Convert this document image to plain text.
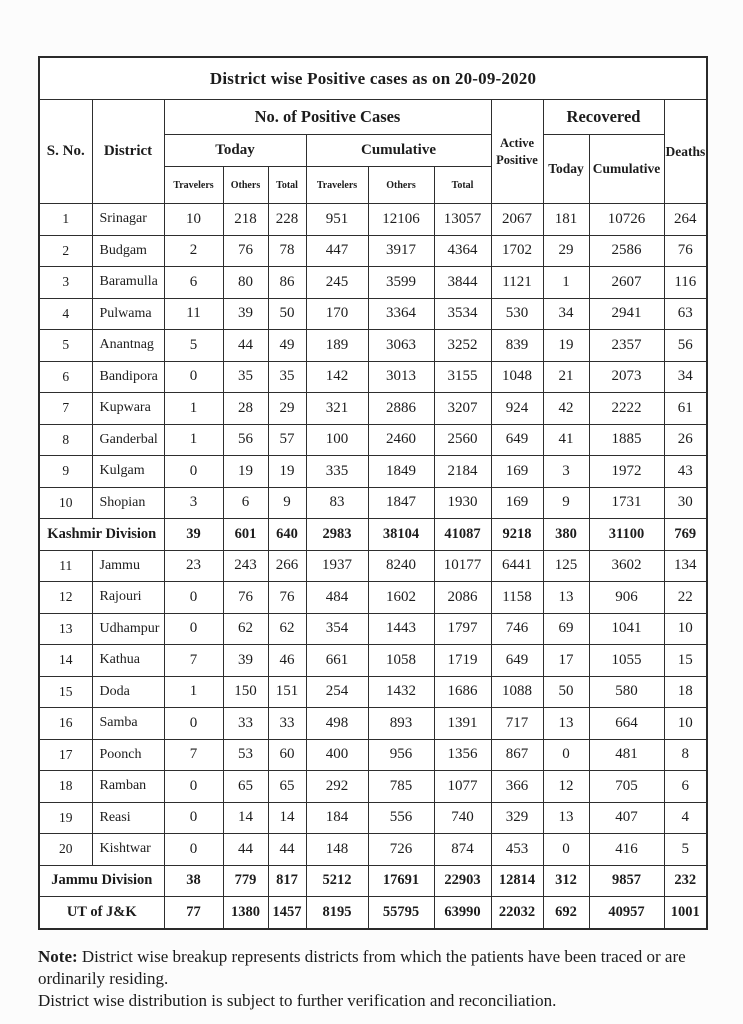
District wise Positive cases as on 20-09-2020											
S. No.	District	No. of Positive Cases						Active Positive	Recovered		Deaths
		Today			Cumulative				Today	Cumulative	
		Travelers	Others	Total	Travelers	Others	Total				
1	Srinagar	10	218	228	951	12106	13057	2067	181	10726	264
2	Budgam	2	76	78	447	3917	4364	1702	29	2586	76
3	Baramulla	6	80	86	245	3599	3844	1121	1	2607	116
4	Pulwama	11	39	50	170	3364	3534	530	34	2941	63
5	Anantnag	5	44	49	189	3063	3252	839	19	2357	56
6	Bandipora	0	35	35	142	3013	3155	1048	21	2073	34
7	Kupwara	1	28	29	321	2886	3207	924	42	2222	61
8	Ganderbal	1	56	57	100	2460	2560	649	41	1885	26
9	Kulgam	0	19	19	335	1849	2184	169	3	1972	43
10	Shopian	3	6	9	83	1847	1930	169	9	1731	30
Kashmir Division		39	601	640	2983	38104	41087	9218	380	31100	769
11	Jammu	23	243	266	1937	8240	10177	6441	125	3602	134
12	Rajouri	0	76	76	484	1602	2086	1158	13	906	22
13	Udhampur	0	62	62	354	1443	1797	746	69	1041	10
14	Kathua	7	39	46	661	1058	1719	649	17	1055	15
15	Doda	1	150	151	254	1432	1686	1088	50	580	18
16	Samba	0	33	33	498	893	1391	717	13	664	10
17	Poonch	7	53	60	400	956	1356	867	0	481	8
18	Ramban	0	65	65	292	785	1077	366	12	705	6
19	Reasi	0	14	14	184	556	740	329	13	407	4
20	Kishtwar	0	44	44	148	726	874	453	0	416	5
Jammu Division		38	779	817	5212	17691	22903	12814	312	9857	232
UT of J&K		77	1380	1457	8195	55795	63990	22032	692	40957	1001

Note: District wise breakup represents districts from which the patients have been traced or are ordinarily residing.
District wise distribution is subject to further verification and reconciliation.
